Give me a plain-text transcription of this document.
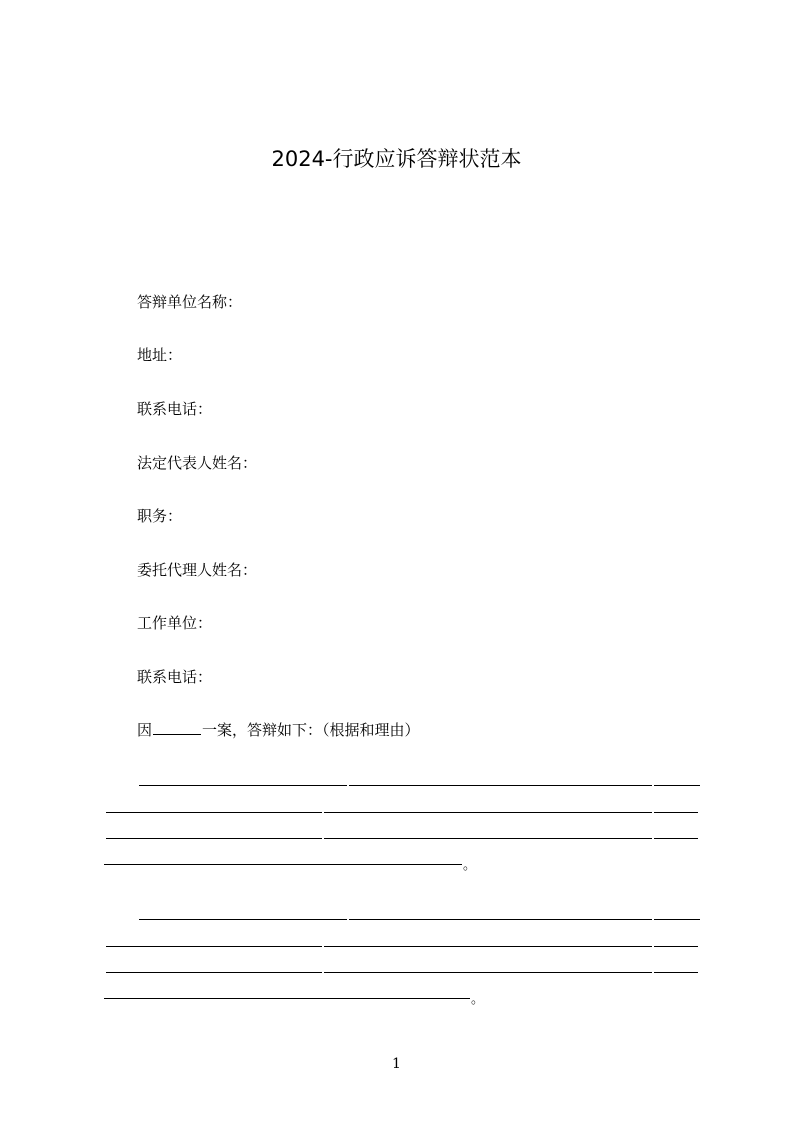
2024-行政应诉答辩状范本
答辩单位名称：
地址：
联系电话：
法定代表人姓名：
职务：
委托代理人姓名：
工作单位：
联系电话：
因	一案，答辩如下：（根据和理由）
。
。
1
